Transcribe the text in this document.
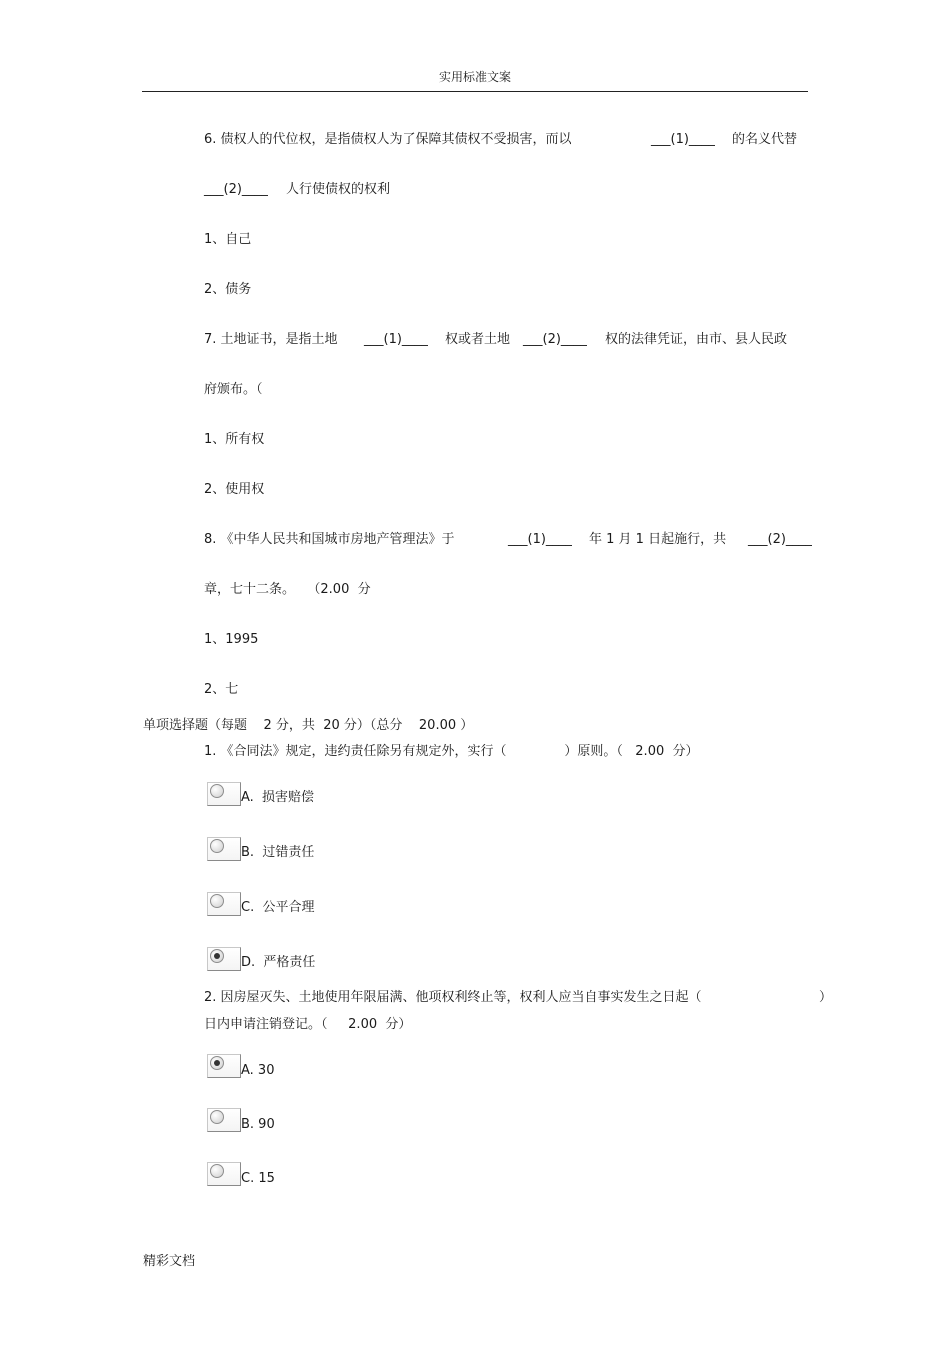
实用标准文案
6. 债权人的代位权，是指债权人为了保障其债权不受损害，而以	___(1)____ 的名义代替
___(2)____ 人行使债权的权利
1、自己
2、债务
7. 土地证书，是指土地 ___(1)____ 权或者土地 ___(2)____ 权的法律凭证，由市、县人民政
府颁布。（
1、所有权
2、使用权
8. 《中华人民共和国城市房地产管理法》于	___(1)____ 年 1 月 1 日起施行，共 ___(2)____
章，七十二条。   （2.00  分
1、1995
2、七
单项选择题（每题    2 分，共  20 分）（总分    20.00 ）
1. 《合同法》规定，违约责任除另有规定外，实行（              ）原则。（   2.00  分）
A.  损害赔偿
B.  过错责任
C.  公平合理
D.  严格责任
2. 因房屋灭失、土地使用年限届满、他项权利终止等，权利人应当自事实发生之日起（	）
日内申请注销登记。（     2.00  分）
A. 30
B. 90
C. 15
精彩文档
